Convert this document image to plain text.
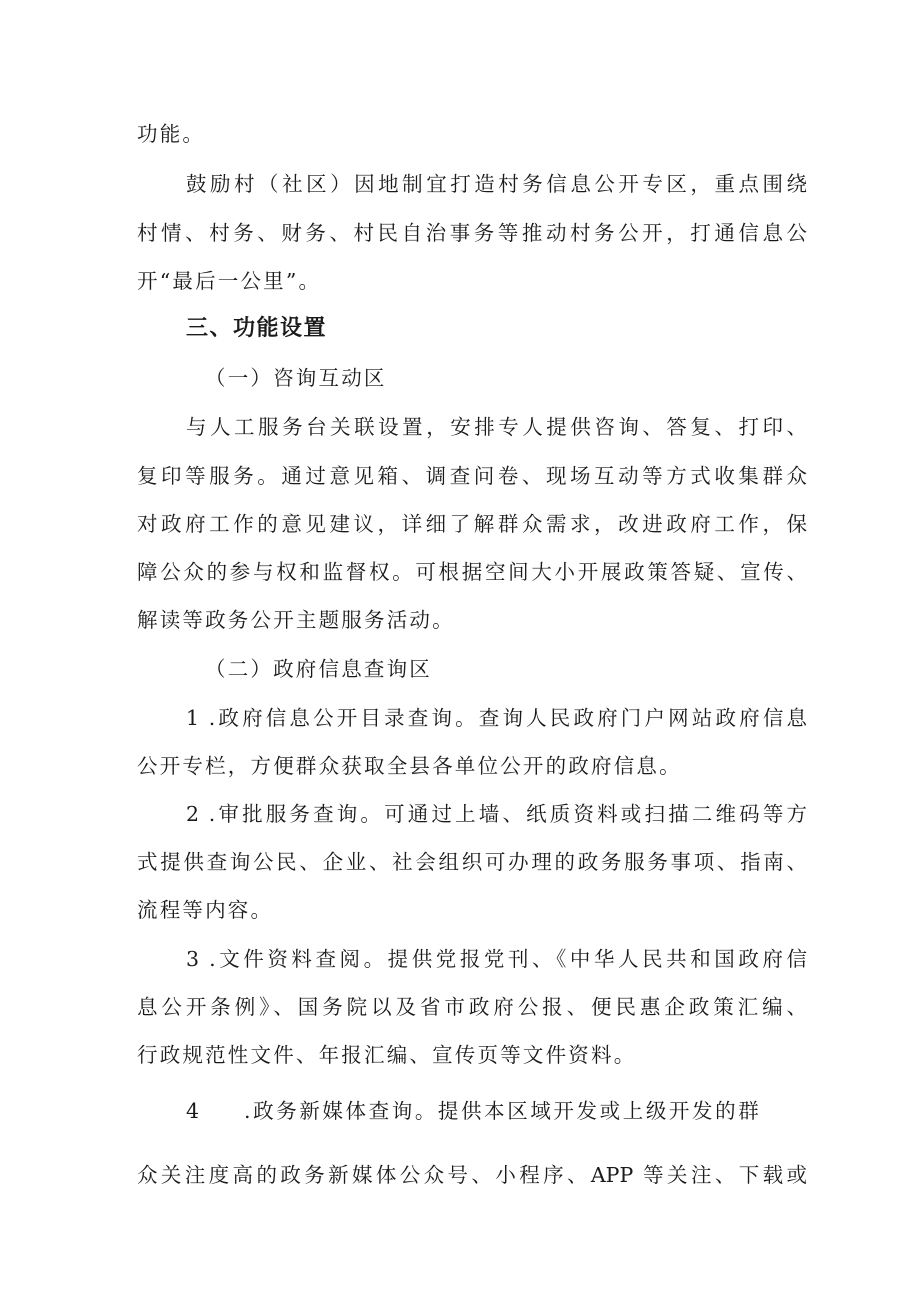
功能。
鼓励村（社区）因地制宜打造村务信息公开专区，重点围绕
村情、村务、财务、村民自治事务等推动村务公开，打通信息公
开“最后一公里”。
三、功能设置
（一）咨询互动区
与人工服务台关联设置，安排专人提供咨询、答复、打印、
复印等服务。通过意见箱、调查问卷、现场互动等方式收集群众
对政府工作的意见建议，详细了解群众需求，改进政府工作，保
障公众的参与权和监督权。可根据空间大小开展政策答疑、宣传、
解读等政务公开主题服务活动。
（二）政府信息查询区
1 .政府信息公开目录查询。查询人民政府门户网站政府信息
公开专栏，方便群众获取全县各单位公开的政府信息。
2 .审批服务查询。可通过上墙、纸质资料或扫描二维码等方
式提供查询公民、企业、社会组织可办理的政务服务事项、指南、
流程等内容。
3 .文件资料查阅。提供党报党刊、《中华人民共和国政府信
息公开条例》、国务院以及省市政府公报、便民惠企政策汇编、
行政规范性文件、年报汇编、宣传页等文件资料。
4 .政务新媒体查询。提供本区域开发或上级开发的群
众关注度高的政务新媒体公众号、小程序、APP 等关注、下载或
